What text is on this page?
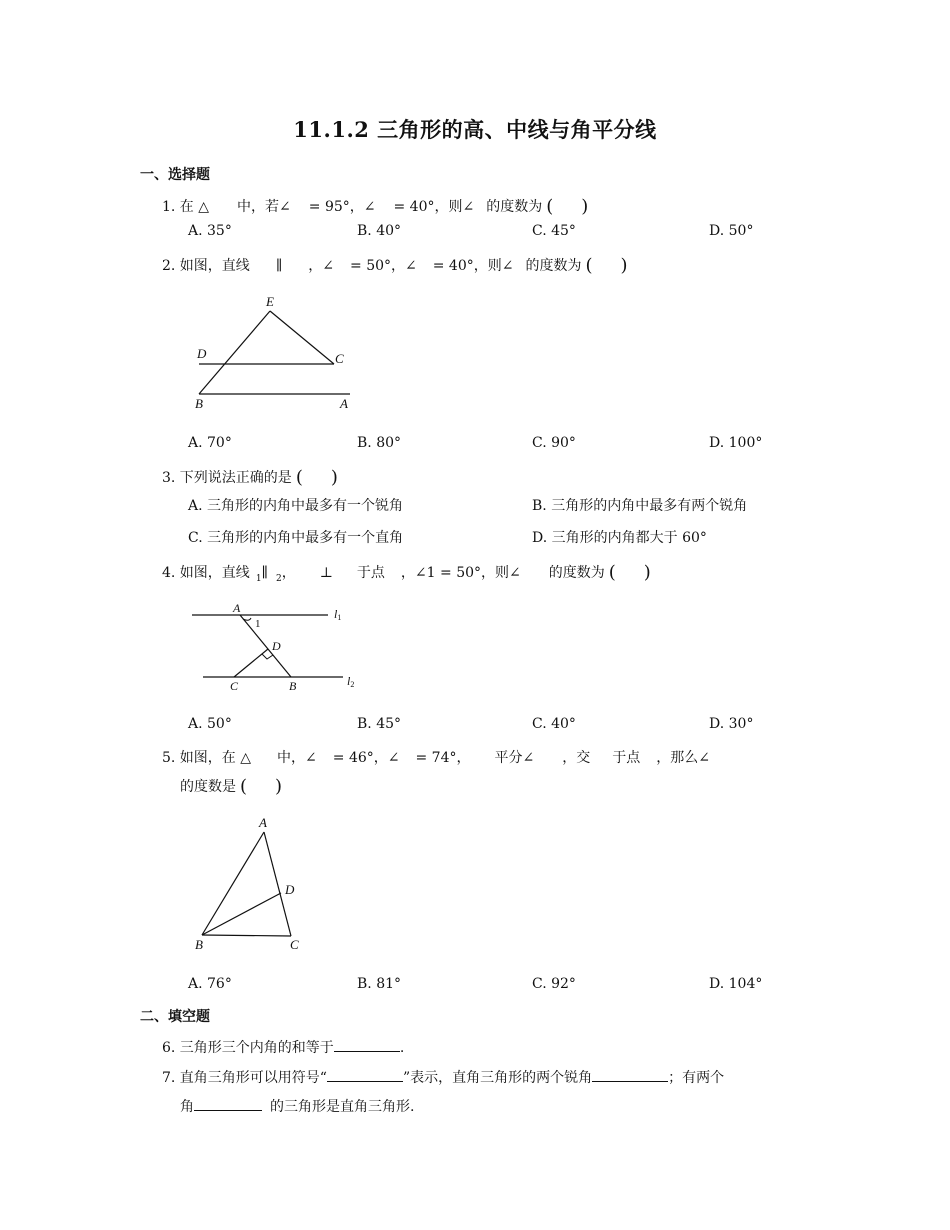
11.1.2 三角形的高、中线与角平分线
一、选择题
1. 在 △ 中，若∠ = 95°，∠ = 40°，则∠ 的度数为 ( )
A. 35°	B. 40°	C. 45°	D. 50°
2. 如图，直线 ∥ ，∠ = 50°，∠ = 40°，则∠ 的度数为 ( )
E
D	C
B	A
A. 70°	B. 80°	C. 90°	D. 100°
3. 下列说法正确的是 ( )
A. 三角形的内角中最多有一个锐角	B. 三角形的内角中最多有两个锐角
C. 三角形的内角中最多有一个直角	D. 三角形的内角都大于 60°
4. 如图，直线 $_1$∥ $_2$， ⊥ 于点 ，∠1 = 50°，则∠ 的度数为 ( )
A
1
D
C	B
l1
l2
A. 50°	B. 45°	C. 40°	D. 30°
5. 如图，在 △ 中，∠ = 46°，∠ = 74°， 平分∠ ，交 于点 ，那么∠
的度数是 ( )
A
D
B	C
A. 76°	B. 81°	C. 92°	D. 104°
二、填空题
6. 三角形三个内角的和等于	.
7. 直角三角形可以用符号“	”表示，直角三角形的两个锐角	；有两个
角	的三角形是直角三角形.
